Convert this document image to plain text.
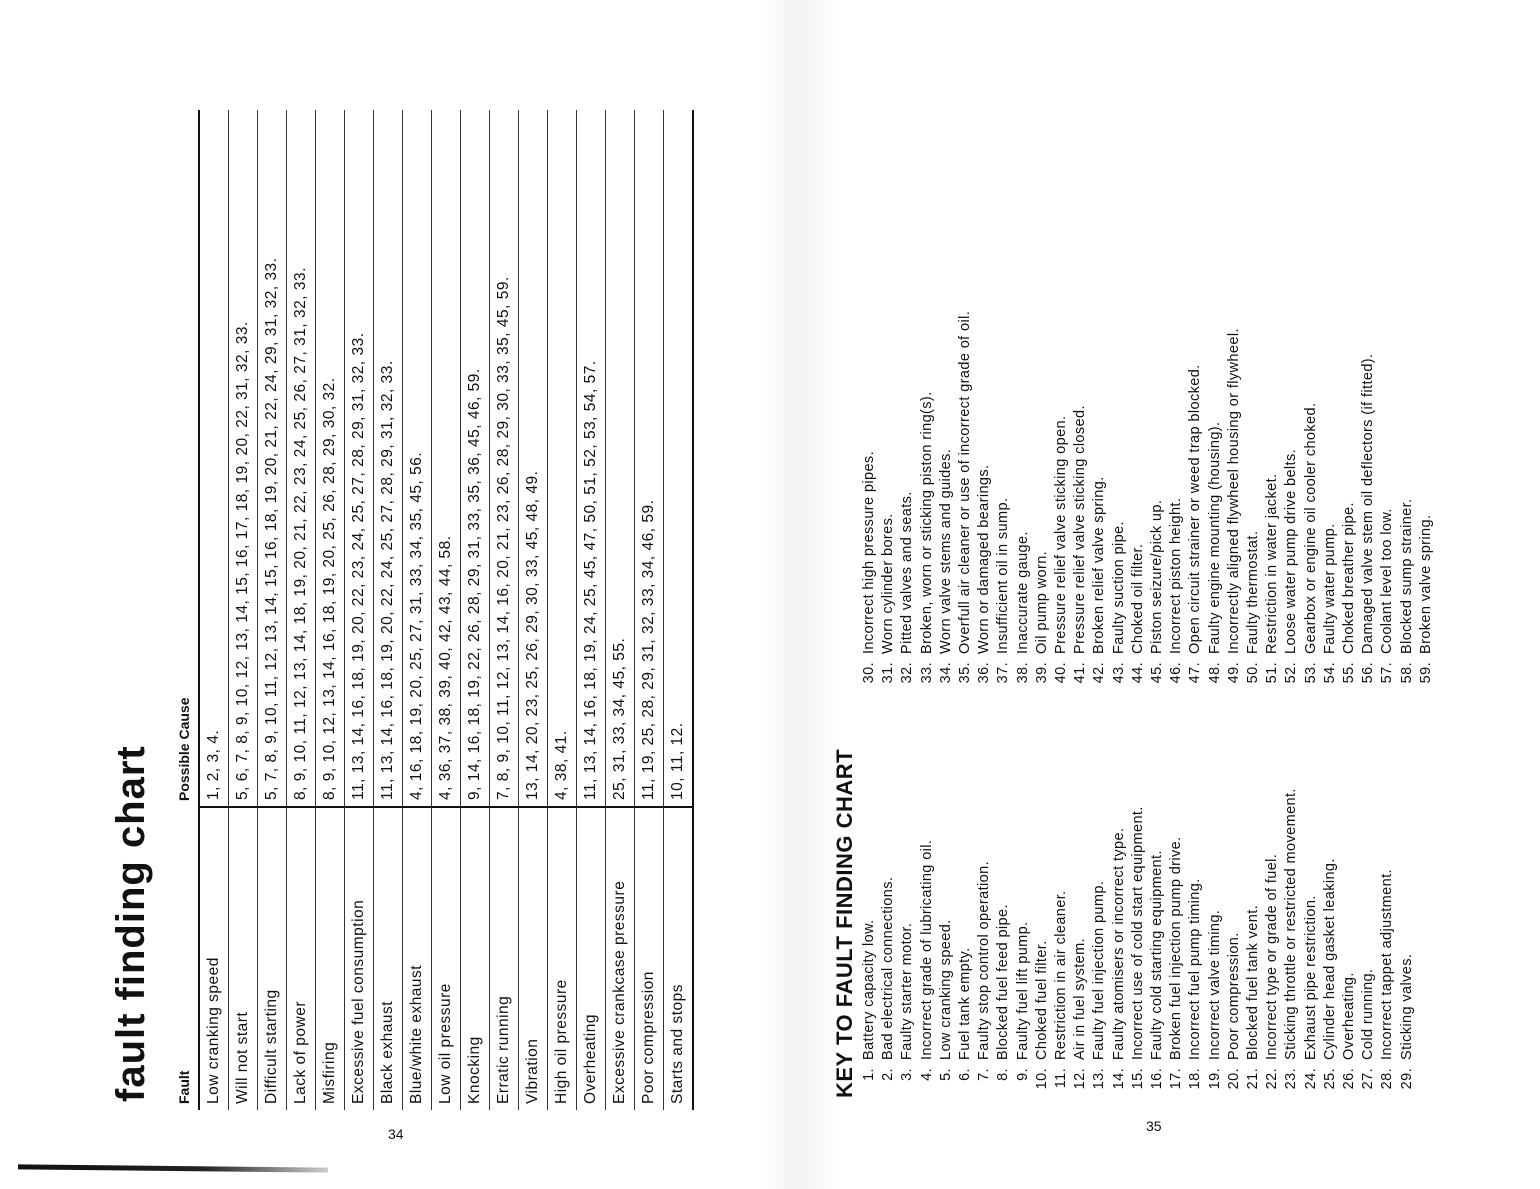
fault finding chart Fault	Possible Cause
Low cranking speed	1, 2, 3, 4.
Will not start	5, 6, 7, 8, 9, 10, 12, 13, 14, 15, 16, 17, 18, 19, 20, 22, 31, 32, 33.
Difficult starting	5, 7, 8, 9, 10, 11, 12, 13, 14, 15, 16, 18, 19, 20, 21, 22, 24, 29, 31, 32, 33.
Lack of power	8, 9, 10, 11, 12, 13, 14, 18, 19, 20, 21, 22, 23, 24, 25, 26, 27, 31, 32, 33.
Misfiring	8, 9, 10, 12, 13, 14, 16, 18, 19, 20, 25, 26, 28, 29, 30, 32.
Excessive fuel consumption	11, 13, 14, 16, 18, 19, 20, 22, 23, 24, 25, 27, 28, 29, 31, 32, 33.
Black exhaust	11, 13, 14, 16, 18, 19, 20, 22, 24, 25, 27, 28, 29, 31, 32, 33.
Blue/white exhaust	4, 16, 18, 19, 20, 25, 27, 31, 33, 34, 35, 45, 56.
Low oil pressure	4, 36, 37, 38, 39, 40, 42, 43, 44, 58.
Knocking	9, 14, 16, 18, 19, 22, 26, 28, 29, 31, 33, 35, 36, 45, 46, 59.
Erratic running	7, 8, 9, 10, 11, 12, 13, 14, 16, 20, 21, 23, 26, 28, 29, 30, 33, 35, 45, 59.
Vibration	13, 14, 20, 23, 25, 26, 29, 30, 33, 45, 48, 49.
High oil pressure	4, 38, 41.
Overheating	11, 13, 14, 16, 18, 19, 24, 25, 45, 47, 50, 51, 52, 53, 54, 57.
Excessive crankcase pressure	25, 31, 33, 34, 45, 55.
Poor compression	11, 19, 25, 28, 29, 31, 32, 33, 34, 46, 59.
Starts and stops	10, 11, 12.
34
KEY TO FAULT FINDING CHART 1.
Battery capacity low.
2.
Bad electrical connections.
3.
Faulty starter motor.
4.
Incorrect grade of lubricating oil.
5.
Low cranking speed.
6.
Fuel tank empty.
7.
Faulty stop control operation.
8.
Blocked fuel feed pipe.
9.
Faulty fuel lift pump.
10.
Choked fuel filter.
11.
Restriction in air cleaner.
12.
Air in fuel system.
13.
Faulty fuel injection pump.
14.
Faulty atomisers or incorrect type.
15.
Incorrect use of cold start equipment.
16.
Faulty cold starting equipment.
17.
Broken fuel injection pump drive.
18.
Incorrect fuel pump timing.
19.
Incorrect valve timing.
20.
Poor compression.
21.
Blocked fuel tank vent.
22.
Incorrect type or grade of fuel.
23.
Sticking throttle or restricted movement.
24.
Exhaust pipe restriction.
25.
Cylinder head gasket leaking.
26.
Overheating.
27.
Cold running.
28.
Incorrect tappet adjustment.
29.
Sticking valves.
30.
Incorrect high pressure pipes.
31.
Worn cylinder bores.
32.
Pitted valves and seats.
33.
Broken, worn or sticking piston ring(s).
34.
Worn valve stems and guides.
35.
Overfull air cleaner or use of incorrect grade of oil.
36.
Worn or damaged bearings.
37.
Insufficient oil in sump.
38.
Inaccurate gauge.
39.
Oil pump worn.
40.
Pressure relief valve sticking open.
41.
Pressure relief valve sticking closed.
42.
Broken relief valve spring.
43.
Faulty suction pipe.
44.
Choked oil filter.
45.
Piston seizure/pick up.
46.
Incorrect piston height.
47.
Open circuit strainer or weed trap blocked.
48.
Faulty engine mounting (housing).
49.
Incorrectly aligned flywheel housing or flywheel.
50.
Faulty thermostat.
51.
Restriction in water jacket.
52.
Loose water pump drive belts.
53.
Gearbox or engine oil cooler choked.
54.
Faulty water pump.
55.
Choked breather pipe.
56.
Damaged valve stem oil deflectors (if fitted).
57.
Coolant level too low.
58.
Blocked sump strainer.
59.
Broken valve spring.
35
